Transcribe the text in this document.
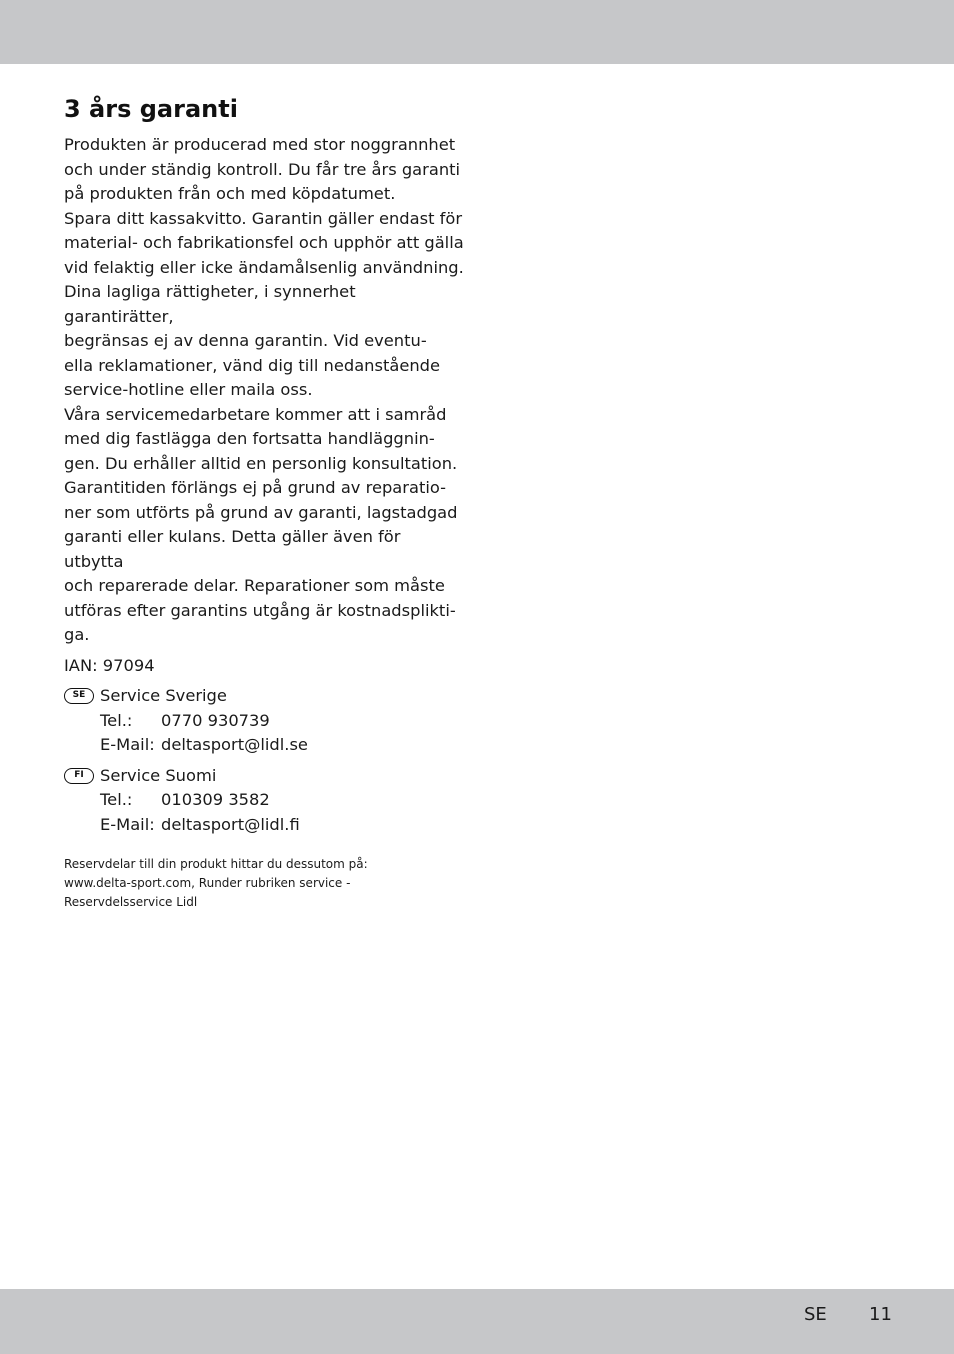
3 års garanti

Produkten är producerad med stor noggrannhet

och under ständig kontroll. Du får tre års garanti

på produkten från och med köpdatumet.

Spara ditt kassakvitto. Garantin gäller endast för

material- och fabrikationsfel och upphör att gälla

vid felaktig eller icke ändamålsenlig användning.

Dina lagliga rättigheter, i synnerhet garantirätter,

begränsas ej av denna garantin. Vid eventu-

ella reklamationer, vänd dig till nedanstående

service-hotline eller maila oss.

Våra servicemedarbetare kommer att i samråd

med dig fastlägga den fortsatta handläggnin-

gen. Du erhåller alltid en personlig konsultation.

Garantitiden förlängs ej på grund av reparatio-

ner som utförts på grund av garanti, lagstadgad

garanti eller kulans. Detta gäller även för utbytta

och reparerade delar. Reparationer som måste

utföras efter garantins utgång är kostnadsplikti-

ga.

IAN: 97094
SE Service Sverige
Tel.:	0770 930739
E-Mail: deltasport@lidl.se
FI Service Suomi
Tel.:	010309 3582
E-Mail: deltasport@lidl.fi
Reservdelar till din produkt hittar du dessutom på:
www.delta-sport.com, Runder rubriken service -
Reservdelsservice Lidl
SE 11
